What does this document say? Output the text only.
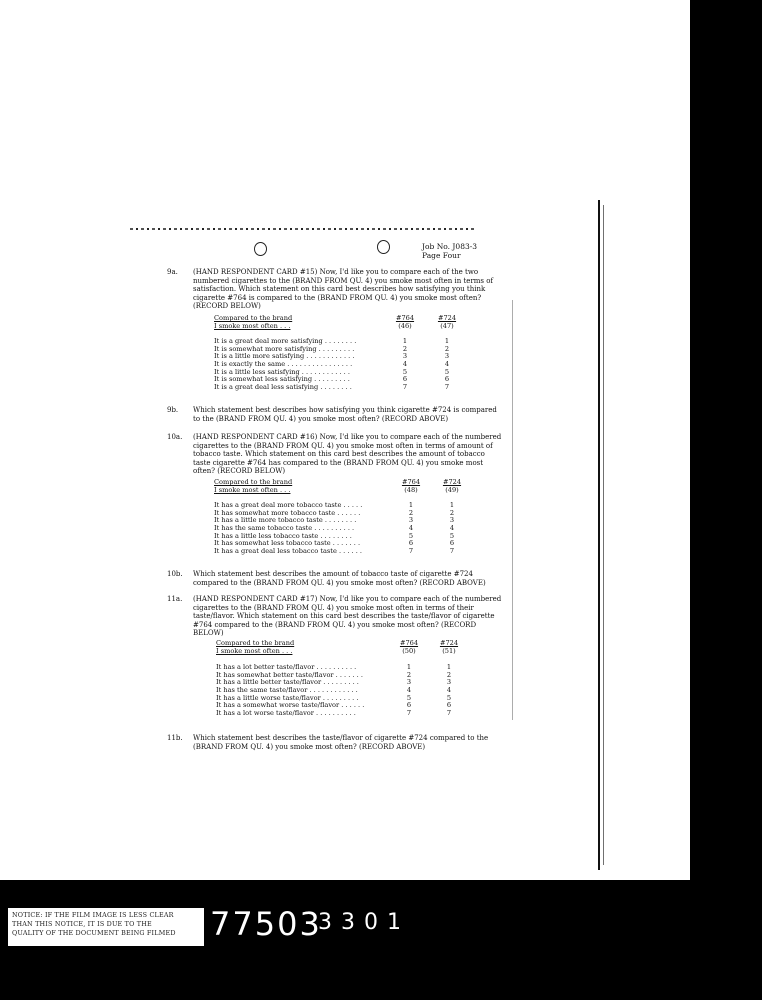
Job No. J083-3
Page Four
9a. (HAND RESPONDENT CARD #15) Now, I'd like you to compare each of the two numbered cigarettes to the (BRAND FROM QU. 4) you smoke most often in terms of satisfaction. Which statement on this card best describes how satisfying you think cigarette #764 is compared to the (BRAND FROM QU. 4) you smoke most often? (RECORD BELOW)
Compared to the brand
I smoke most often . . .
#764
(46)
#724
(47)
It is a great deal more satisfying . . . . . . . .	1	1
It is somewhat more satisfying . . . . . . . . .	2	2
It is a little more satisfying . . . . . . . . . . . .	3	3
It is exactly the same . . . . . . . . . . . . . . . .	4	4
It is a little less satisfying . . . . . . . . . . . .	5	5
It is somewhat less satisfying . . . . . . . . .	6	6
It is a great deal less satisfying . . . . . . . .	7	7
9b. Which statement best describes how satisfying you think cigarette #724 is compared to the (BRAND FROM QU. 4) you smoke most often? (RECORD ABOVE)
10a. (HAND RESPONDENT CARD #16) Now, I'd like you to compare each of the numbered cigarettes to the (BRAND FROM QU. 4) you smoke most often in terms of amount of tobacco taste. Which statement on this card best describes the amount of tobacco taste cigarette #764 has compared to the (BRAND FROM QU. 4) you smoke most often? (RECORD BELOW)
Compared to the brand
I smoke most often . . .
#764
(48)
#724
(49)
It has a great deal more tobacco taste . . . . .	1	1
It has somewhat more tobacco taste . . . . . .	2	2
It has a little more tobacco taste . . . . . . . .	3	3
It has the same tobacco taste . . . . . . . . . .	4	4
It has a little less tobacco taste . . . . . . . .	5	5
It has somewhat less tobacco taste . . . . . . .	6	6
It has a great deal less tobacco taste . . . . . .	7	7
10b. Which statement best describes the amount of tobacco taste of cigarette #724 compared to the (BRAND FROM QU. 4) you smoke most often? (RECORD ABOVE)
11a. (HAND RESPONDENT CARD #17) Now, I'd like you to compare each of the numbered cigarettes to the (BRAND FROM QU. 4) you smoke most often in terms of their taste/flavor. Which statement on this card best describes the taste/flavor of cigarette #764 compared to the (BRAND FROM QU. 4) you smoke most often? (RECORD BELOW)
Compared to the brand
I smoke most often . . .
#764
(50)
#724
(51)
It has a lot better taste/flavor . . . . . . . . . .	1	1
It has somewhat better taste/flavor . . . . . . .	2	2
It has a little better taste/flavor . . . . . . . . .	3	3
It has the same taste/flavor . . . . . . . . . . . .	4	4
It has a little worse taste/flavor . . . . . . . . .	5	5
It has a somewhat worse taste/flavor . . . . . .	6	6
It has a lot worse taste/flavor . . . . . . . . . .	7	7
11b. Which statement best describes the taste/flavor of cigarette #724 compared to the (BRAND FROM QU. 4) you smoke most often? (RECORD ABOVE)
NOTICE: IF THE FILM IMAGE IS LESS CLEAR
THAN THIS NOTICE, IT IS DUE TO THE
QUALITY OF THE DOCUMENT BEING FILMED	77503
3301
